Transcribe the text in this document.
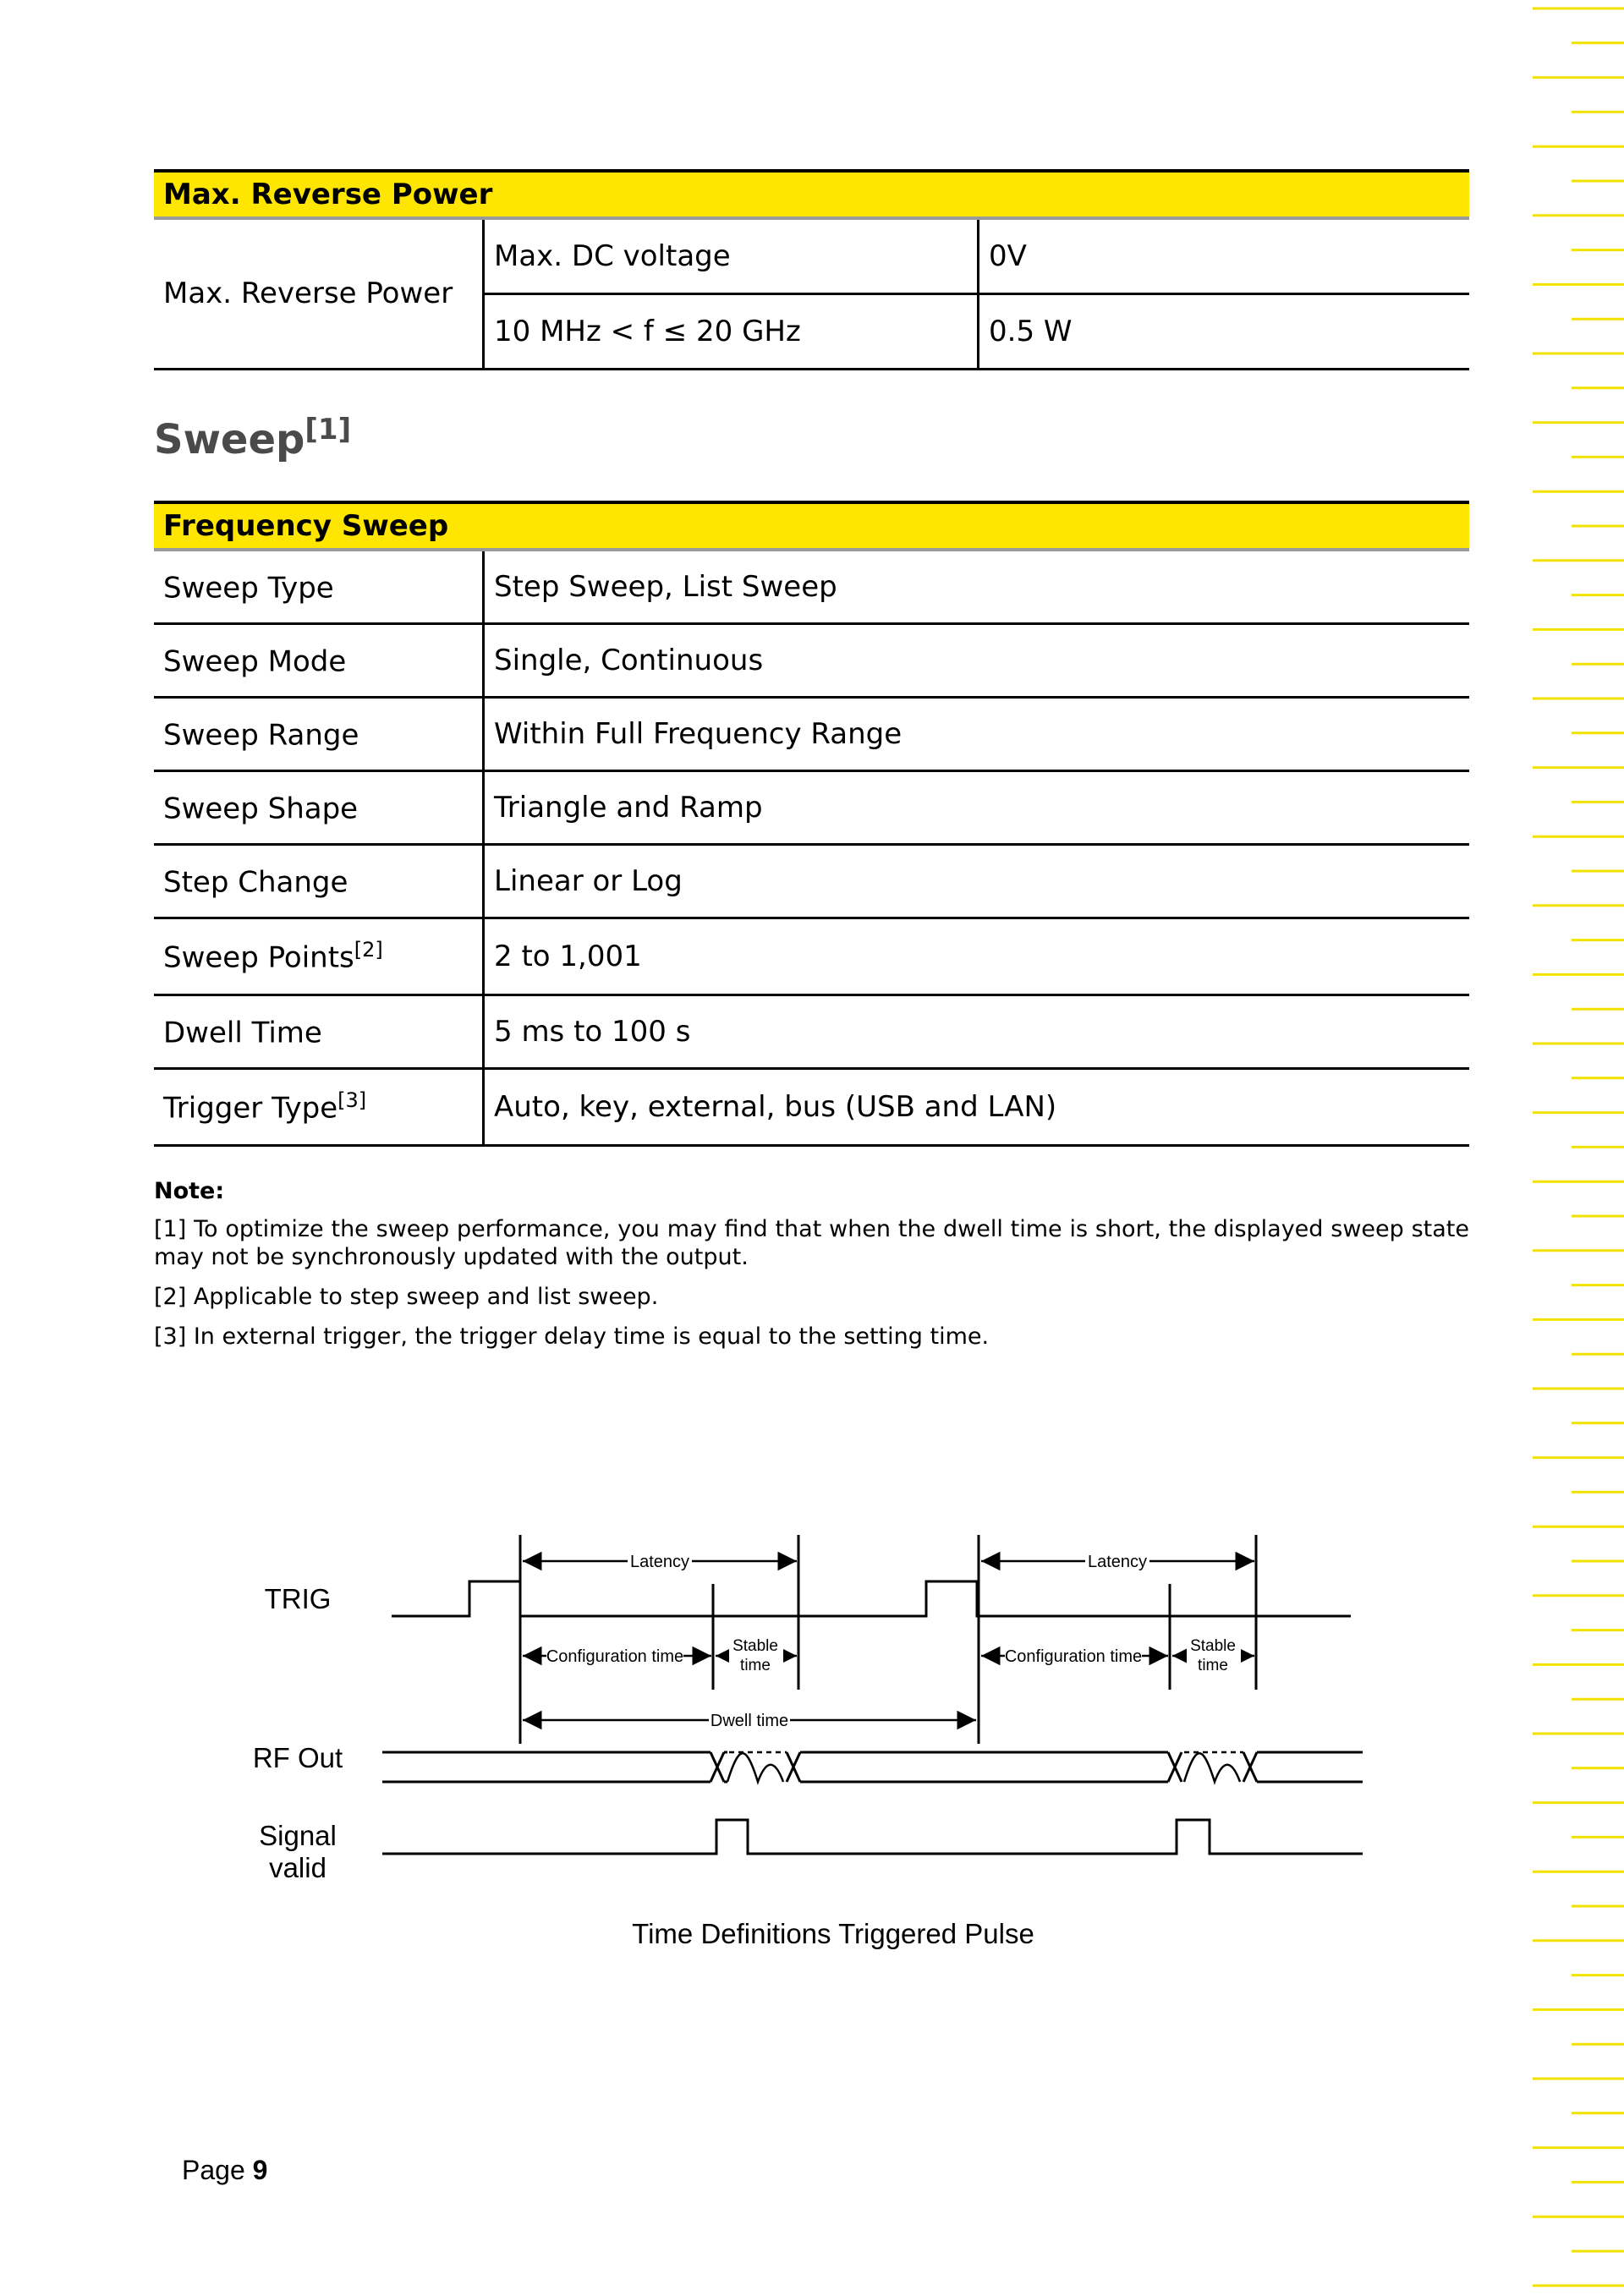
Max. Reverse Power		
Max. Reverse Power	Max. DC voltage	0V
	10 MHz < f ≤ 20 GHz	0.5 W
Sweep[1]
Frequency Sweep	
Sweep Type	Step Sweep, List Sweep
Sweep Mode	Single, Continuous
Sweep Range	Within Full Frequency Range
Sweep Shape	Triangle and Ramp
Step Change	Linear or Log
Sweep Points[2]	2 to 1,001
Dwell Time	5 ms to 100 s
Trigger Type[3]	Auto, key, external, bus (USB and LAN)
Note:

[1] To optimize the sweep performance, you may find that when the dwell time is short, the displayed sweep state may not be synchronously updated with the output.

[2] Applicable to step sweep and list sweep.

[3] In external trigger, the trigger delay time is equal to the setting time.

TRIG
RF Out
Signal
valid
Latency	Latency
Configuration time	Configuration time
Stable
time
Stable
time
Dwell time
Time Definitions Triggered Pulse
Page 9
